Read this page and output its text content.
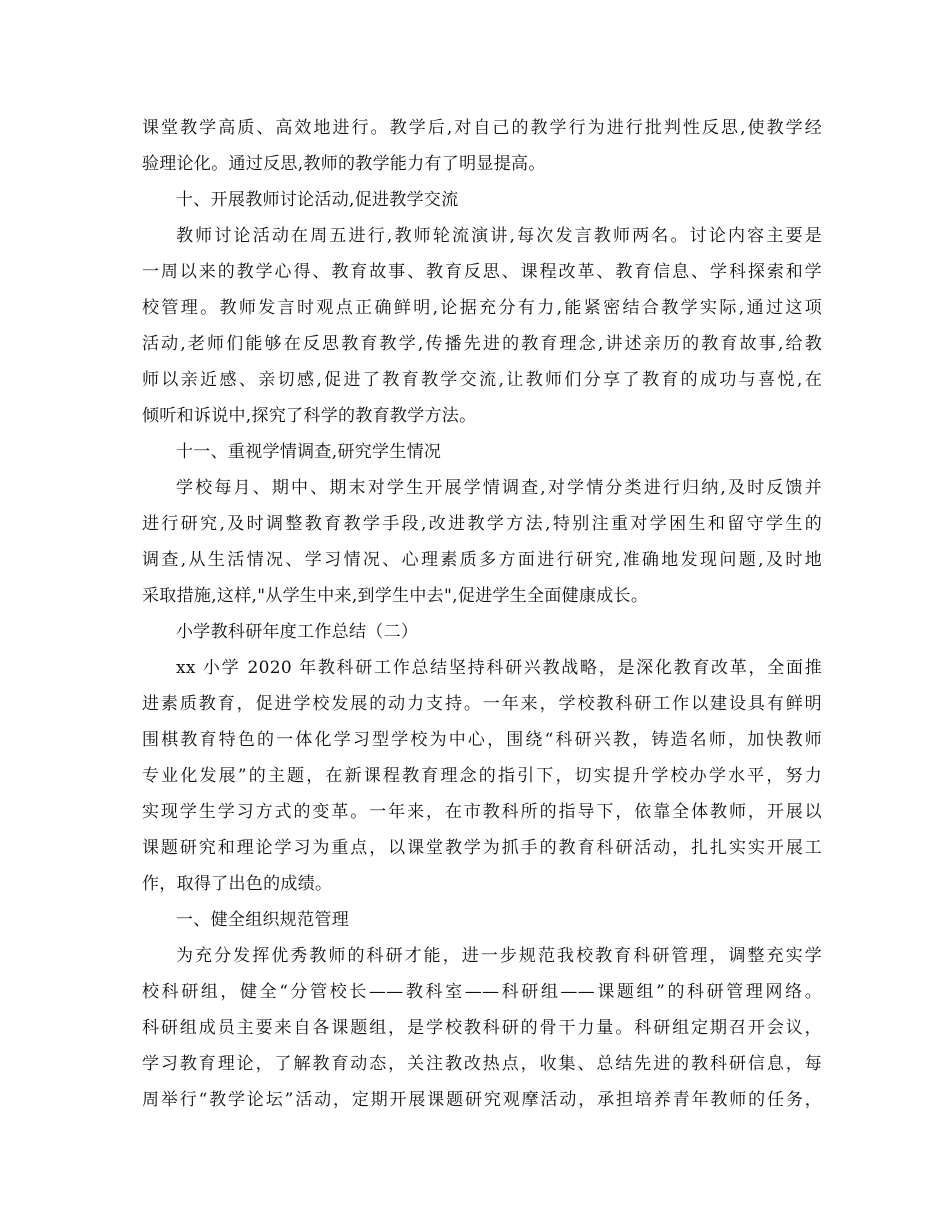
课堂教学高质、高效地进行。教学后,对自己的教学行为进行批判性反思,使教学经
验理论化。通过反思,教师的教学能力有了明显提高。
十、开展教师讨论活动,促进教学交流
教师讨论活动在周五进行,教师轮流演讲,每次发言教师两名。讨论内容主要是
一周以来的教学心得、教育故事、教育反思、课程改革、教育信息、学科探索和学
校管理。教师发言时观点正确鲜明,论据充分有力,能紧密结合教学实际,通过这项
活动,老师们能够在反思教育教学,传播先进的教育理念,讲述亲历的教育故事,给教
师以亲近感、亲切感,促进了教育教学交流,让教师们分享了教育的成功与喜悦,在
倾听和诉说中,探究了科学的教育教学方法。
十一、重视学情调查,研究学生情况
学校每月、期中、期末对学生开展学情调查,对学情分类进行归纳,及时反馈并
进行研究,及时调整教育教学手段,改进教学方法,特别注重对学困生和留守学生的
调查,从生活情况、学习情况、心理素质多方面进行研究,准确地发现问题,及时地
采取措施,这样,"从学生中来,到学生中去",促进学生全面健康成长。
小学教科研年度工作总结（二）
xx 小学 2020 年教科研工作总结坚持科研兴教战略，是深化教育改革，全面推
进素质教育，促进学校发展的动力支持。一年来，学校教科研工作以建设具有鲜明
围棋教育特色的一体化学习型学校为中心，围绕“科研兴教，铸造名师，加快教师
专业化发展”的主题，在新课程教育理念的指引下，切实提升学校办学水平，努力
实现学生学习方式的变革。一年来，在市教科所的指导下，依靠全体教师，开展以
课题研究和理论学习为重点，以课堂教学为抓手的教育科研活动，扎扎实实开展工
作，取得了出色的成绩。
一、健全组织规范管理
为充分发挥优秀教师的科研才能，进一步规范我校教育科研管理，调整充实学
校科研组，健全“分管校长——教科室——科研组——课题组”的科研管理网络。
科研组成员主要来自各课题组，是学校教科研的骨干力量。科研组定期召开会议，
学习教育理论，了解教育动态，关注教改热点，收集、总结先进的教科研信息，每
周举行“教学论坛”活动，定期开展课题研究观摩活动，承担培养青年教师的任务，
